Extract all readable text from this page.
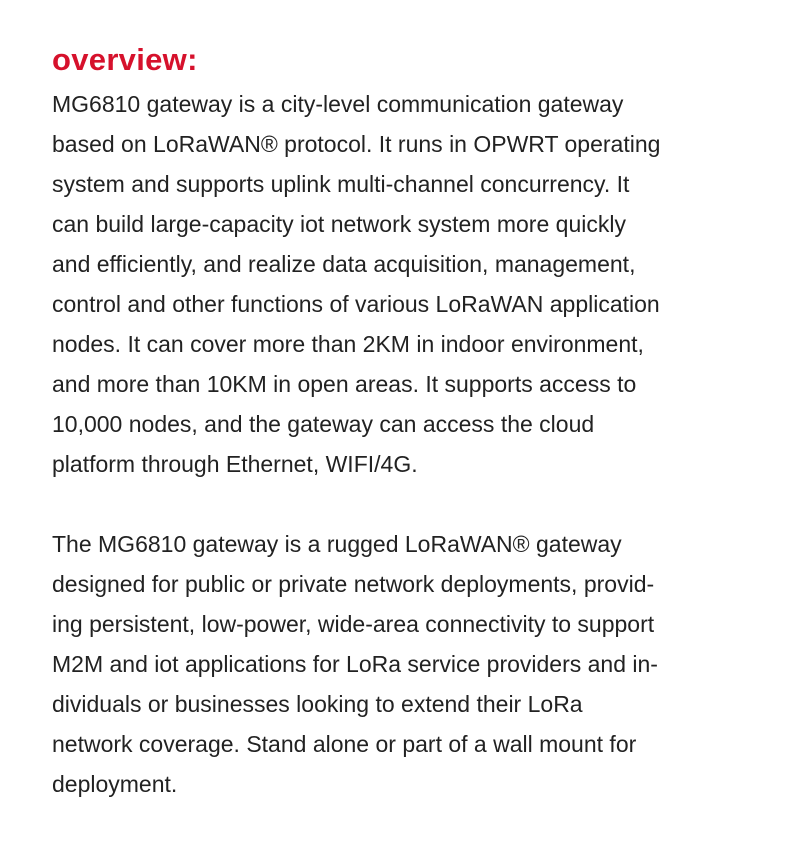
overview:

MG6810 gateway is a city-level communication gateway
based on LoRaWAN® protocol. It runs in OPWRT operating
system and supports uplink multi-channel concurrency. It
can build large-capacity iot network system more quickly
and efficiently, and realize data acquisition, management,
control and other functions of various LoRaWAN application
nodes. It can cover more than 2KM in indoor environment,
and more than 10KM in open areas. It supports access to
10,000 nodes, and the gateway can access the cloud
platform through Ethernet, WIFI/4G.

The MG6810 gateway is a rugged LoRaWAN® gateway
designed for public or private network deployments, provid-
ing persistent, low-power, wide-area connectivity to support
M2M and iot applications for LoRa service providers and in-
dividuals or businesses looking to extend their LoRa
network coverage. Stand alone or part of a wall mount for
deployment.
